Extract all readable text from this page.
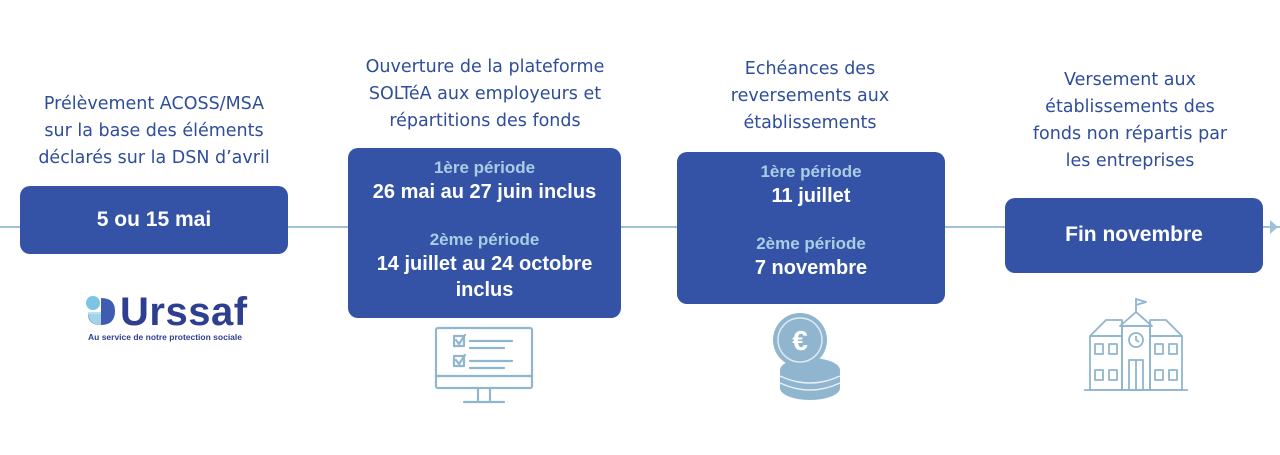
Prélèvement ACOSS/MSA
sur la base des éléments
déclarés sur la DSN d’avril
5 ou 15 mai
Urssaf
Au service de notre protection sociale
Ouverture de la plateforme
SOLTéA aux employeurs et
répartitions des fonds
1ère période
26 mai au 27 juin inclus
2ème période
14 juillet au 24 octobre
inclus
Echéances des
reversements aux
établissements
1ère période
11 juillet
2ème période
7 novembre
€
Versement aux
établissements des
fonds non répartis par
les entreprises
Fin novembre
